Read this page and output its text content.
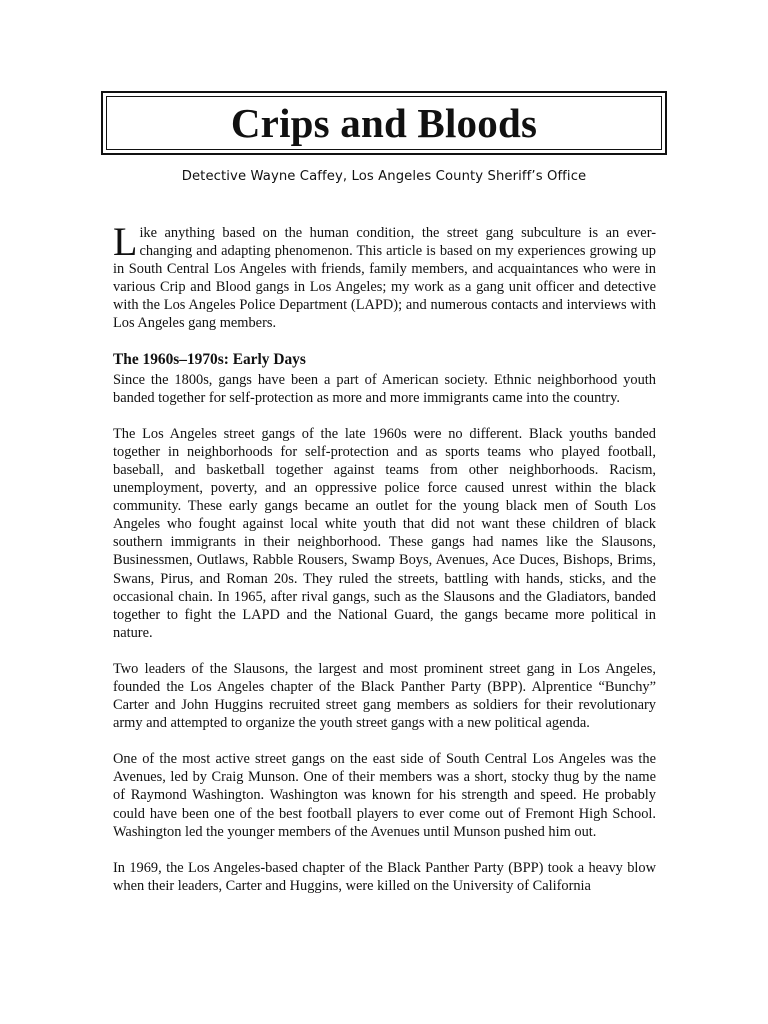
Crips and Bloods
Detective Wayne Caffey, Los Angeles County Sheriff’s Office
Like anything based on the human condition, the street gang subculture is an ever-changing and adapting phenomenon. This article is based on my experiences growing up in South Central Los Angeles with friends, family members, and acquaintances who were in various Crip and Blood gangs in Los Angeles; my work as a gang unit officer and detective with the Los Angeles Police Department (LAPD); and numerous contacts and interviews with Los Angeles gang members.
The 1960s–1970s: Early Days

Since the 1800s, gangs have been a part of American society. Ethnic neighborhood youth banded together for self-protection as more and more immigrants came into the country.

The Los Angeles street gangs of the late 1960s were no different. Black youths banded together in neighborhoods for self-protection and as sports teams who played football, baseball, and basketball together against teams from other neighborhoods. Racism, unemployment, poverty, and an oppressive police force caused unrest within the black community. These early gangs became an outlet for the young black men of South Los Angeles who fought against local white youth that did not want these children of black southern immigrants in their neighborhood. These gangs had names like the Slausons, Businessmen, Outlaws, Rabble Rousers, Swamp Boys, Avenues, Ace Duces, Bishops, Brims, Swans, Pirus, and Roman 20s. They ruled the streets, battling with hands, sticks, and the occasional chain. In 1965, after rival gangs, such as the Slausons and the Gladiators, banded together to fight the LAPD and the National Guard, the gangs became more political in nature.

Two leaders of the Slausons, the largest and most prominent street gang in Los Angeles, founded the Los Angeles chapter of the Black Panther Party (BPP). Alprentice “Bunchy” Carter and John Huggins recruited street gang members as soldiers for their revolutionary army and attempted to organize the youth street gangs with a new political agenda.

One of the most active street gangs on the east side of South Central Los Angeles was the Avenues, led by Craig Munson. One of their members was a short, stocky thug by the name of Raymond Washington. Washington was known for his strength and speed. He probably could have been one of the best football players to ever come out of Fremont High School. Washington led the younger members of the Avenues until Munson pushed him out.

In 1969, the Los Angeles-based chapter of the Black Panther Party (BPP) took a heavy blow when their leaders, Carter and Huggins, were killed on the University of California
